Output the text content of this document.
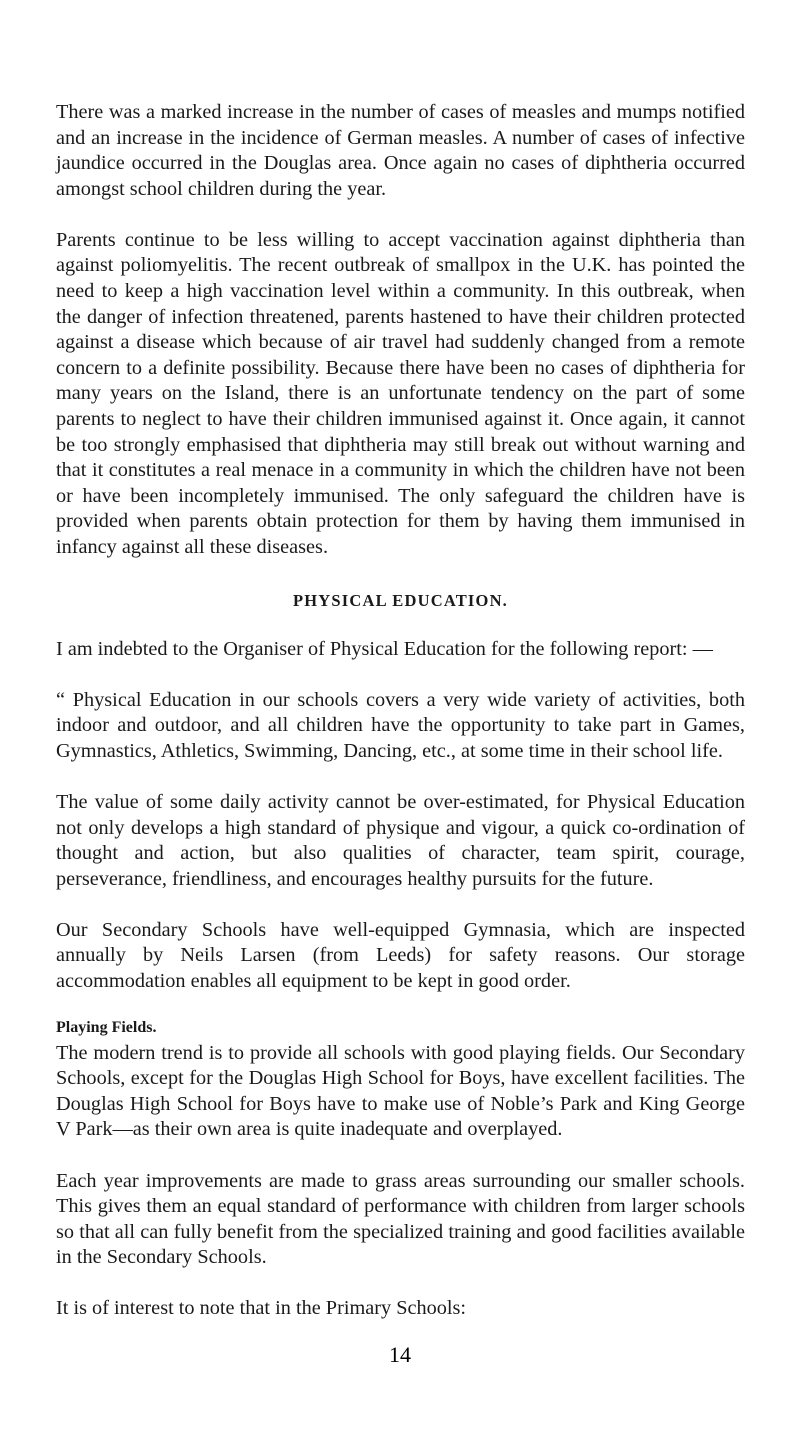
There was a marked increase in the number of cases of measles and mumps notified and an increase in the incidence of German measles. A number of cases of infective jaundice occurred in the Douglas area. Once again no cases of diphtheria occurred amongst school children during the year.

Parents continue to be less willing to accept vaccination against diphtheria than against poliomyelitis. The recent outbreak of smallpox in the U.K. has pointed the need to keep a high vaccination level within a community. In this outbreak, when the danger of infection threatened, parents hastened to have their children protected against a disease which because of air travel had suddenly changed from a remote concern to a definite possibility. Because there have been no cases of diphtheria for many years on the Island, there is an unfortunate tendency on the part of some parents to neglect to have their children immunised against it. Once again, it cannot be too strongly emphasised that diphtheria may still break out without warning and that it constitutes a real menace in a community in which the children have not been or have been incompletely immunised. The only safeguard the children have is provided when parents obtain protection for them by having them immunised in infancy against all these diseases.

PHYSICAL EDUCATION.

I am indebted to the Organiser of Physical Education for the following report: —

“ Physical Education in our schools covers a very wide variety of activities, both indoor and outdoor, and all children have the opportunity to take part in Games, Gymnastics, Athletics, Swimming, Dancing, etc., at some time in their school life.

The value of some daily activity cannot be over-estimated, for Physical Education not only develops a high standard of physique and vigour, a quick co-ordination of thought and action, but also qualities of character, team spirit, courage, perseverance, friendliness, and encourages healthy pursuits for the future.

Our Secondary Schools have well-equipped Gymnasia, which are inspected annually by Neils Larsen (from Leeds) for safety reasons. Our storage accommodation enables all equipment to be kept in good order.

Playing Fields.

The modern trend is to provide all schools with good playing fields. Our Secondary Schools, except for the Douglas High School for Boys, have excellent facilities. The Douglas High School for Boys have to make use of Noble’s Park and King George V Park—as their own area is quite inadequate and overplayed.

Each year improvements are made to grass areas surrounding our smaller schools. This gives them an equal standard of performance with children from larger schools so that all can fully benefit from the specialized training and good facilities available in the Secondary Schools.

It is of interest to note that in the Primary Schools:

14
